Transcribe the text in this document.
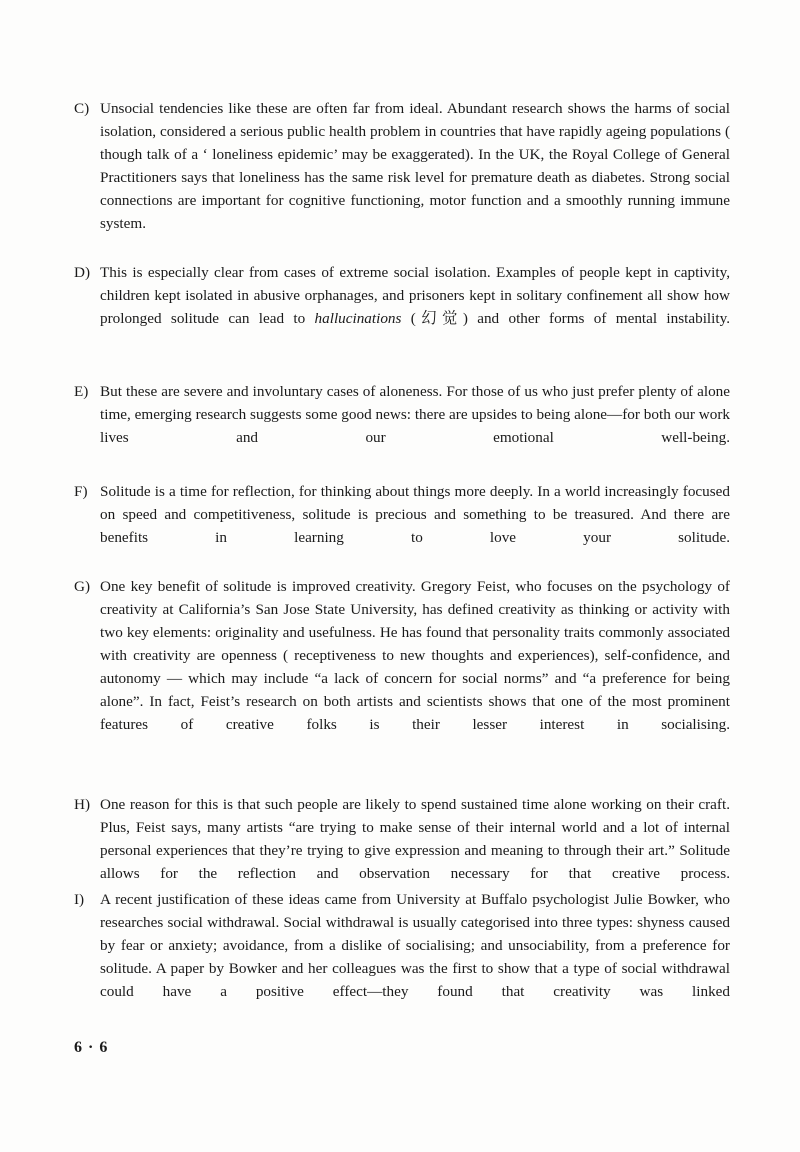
C) Unsocial tendencies like these are often far from ideal. Abundant research shows the harms of social isolation, considered a serious public health problem in countries that have rapidly ageing populations ( though talk of a ‘ loneliness epidemic’ may be exaggerated). In the UK, the Royal College of General Practitioners says that loneliness has the same risk level for premature death as diabetes. Strong social connections are important for cognitive functioning, motor function and a smoothly running immune system.

D) This is especially clear from cases of extreme social isolation. Examples of people kept in captivity, children kept isolated in abusive orphanages, and prisoners kept in solitary confinement all show how prolonged solitude can lead to hallucinations (幻觉) and other forms of mental instability.

E) But these are severe and involuntary cases of aloneness. For those of us who just prefer plenty of alone time, emerging research suggests some good news: there are upsides to being alone—for both our work lives and our emotional well-being.

F) Solitude is a time for reflection, for thinking about things more deeply. In a world increasingly focused on speed and competitiveness, solitude is precious and something to be treasured. And there are benefits in learning to love your solitude.

G) One key benefit of solitude is improved creativity. Gregory Feist, who focuses on the psychology of creativity at California’s San Jose State University, has defined creativity as thinking or activity with two key elements: originality and usefulness. He has found that personality traits commonly associated with creativity are openness ( receptiveness to new thoughts and experiences), self-confidence, and autonomy — which may include “a lack of concern for social norms” and “a preference for being alone”. In fact, Feist’s research on both artists and scientists shows that one of the most prominent features of creative folks is their lesser interest in socialising.

H) One reason for this is that such people are likely to spend sustained time alone working on their craft. Plus, Feist says, many artists “are trying to make sense of their internal world and a lot of internal personal experiences that they’re trying to give expression and meaning to through their art.” Solitude allows for the reflection and observation necessary for that creative process.

I) A recent justification of these ideas came from University at Buffalo psychologist Julie Bowker, who researches social withdrawal. Social withdrawal is usually categorised into three types: shyness caused by fear or anxiety; avoidance, from a dislike of socialising; and unsociability, from a preference for solitude. A paper by Bowker and her colleagues was the first to show that a type of social withdrawal could have a positive effect—they found that creativity was linked

6 · 6
